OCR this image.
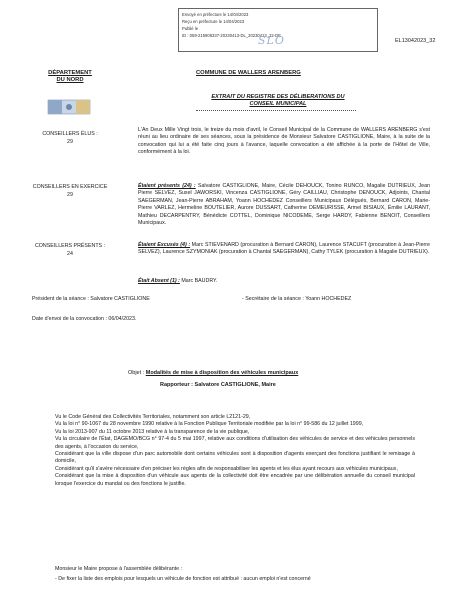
Envoyé en préfecture le 14/04/2023
Reçu en préfecture le 14/04/2023
Publié le
ID : 059-215906337-20230413-DL_20230413_22-DE
SLO	EL13042023_32
DÉPARTEMENT
DU NORD
COMMUNE DE WALLERS ARENBERG
EXTRAIT DU REGISTRE DES DÉLIBERATIONS DU
CONSEIL MUNICIPAL
CONSEILLERS ÉLUS :
29
CONSEILLERS EN EXERCICE
29
CONSEILLERS PRÉSENTS :
24
L'An Deux Mille Vingt trois, le treize du mois d'avril, le Conseil Municipal de la Commune de WALLERS ARENBERG s'est réuni au lieu ordinaire de ses séances, sous la présidence de Monsieur Salvatore CASTIGLIONE, Maire, à la suite de la convocation qui lui a été faite cinq jours à l'avance, laquelle convocation a été affichée à la porte de l'Hôtel de Ville, conformément à la loi.
Étaient présents (24) : Salvatore CASTIGLIONE, Maire, Cécile DEHOUCK, Tonino RUNCO, Magalie DUTRIEUX, Jean Pierre SELVEZ, Susel JAWORSKI, Vincenza CASTIGLIONE, Géry CAILLIAU, Christophe DENOUCK, Adjoints, Chantal SAEGERMAN, Jean-Pierre ABRAHAM, Yoann HOCHEDEZ Conseillers Municipaux Délégués, Bernard CARON, Marie-Pierre VARLEZ, Hermeline BOUTELIER, Aurore DUSSART, Catherine DEMEURISSE, Armel BISIAUX, Émilie LAURANT, Mathieu DECARPENTRY, Bénédicte COTTEL, Dominique NICODEME, Serge HARDY, Fabienne BENOIT, Conseillers Municipaux.
Étaient Excusés (4) : Marc STIEVENARD (procuration à Bernard CARON), Laurence STACUFT (procuration à Jean-Pierre SELVEZ), Laurence SZYMONIAK (procuration à Chantal SAEGERMAN), Cathy TYLEK (procuration à Magalie DUTRIEUX).
Était Absent (1) : Marc BAUDRY.
Président de la séance : Salvatore CASTIGLIONE	- Secrétaire de la séance : Yoann HOCHEDEZ
Date d'envoi de la convocation : 06/04/2023.
Objet : Modalités de mise à disposition des véhicules municipaux
Rapporteur : Salvatore CASTIGLIONE, Maire
Vu le Code Général des Collectivités Territoriales, notamment son article L2121-29,
Vu la loi n° 90-1067 du 28 novembre 1990 relative à la Fonction Publique Territoriale modifiée par la loi n° 99-586 du 12 juillet 1999,
Vu la loi 2013-907 du 11 octobre 2013 relative à la transparence de la vie publique,
Vu la circulaire de l'État, DAGEMO/BCG n° 97-4 du 5 mai 1997, relative aux conditions d'utilisation des véhicules de service et des véhicules personnels des agents, à l'occasion du service,
Considérant que la ville dispose d'un parc automobile dont certains véhicules sont à disposition d'agents exerçant des fonctions justifiant le remisage à domicile,
Considérant qu'il s'avère nécessaire d'en préciser les règles afin de responsabiliser les agents et les élus ayant recours aux véhicules municipaux,
Considérant que la mise à disposition d'un véhicule aux agents de la collectivité doit être encadrée par une délibération annuelle du conseil municipal lorsque l'exercice du mandat ou des fonctions le justifie.
Monsieur le Maire propose à l'assemblée délibérante :
- De fixer la liste des emplois pour lesquels un véhicule de fonction est attribué : aucun emploi n'est concerné
